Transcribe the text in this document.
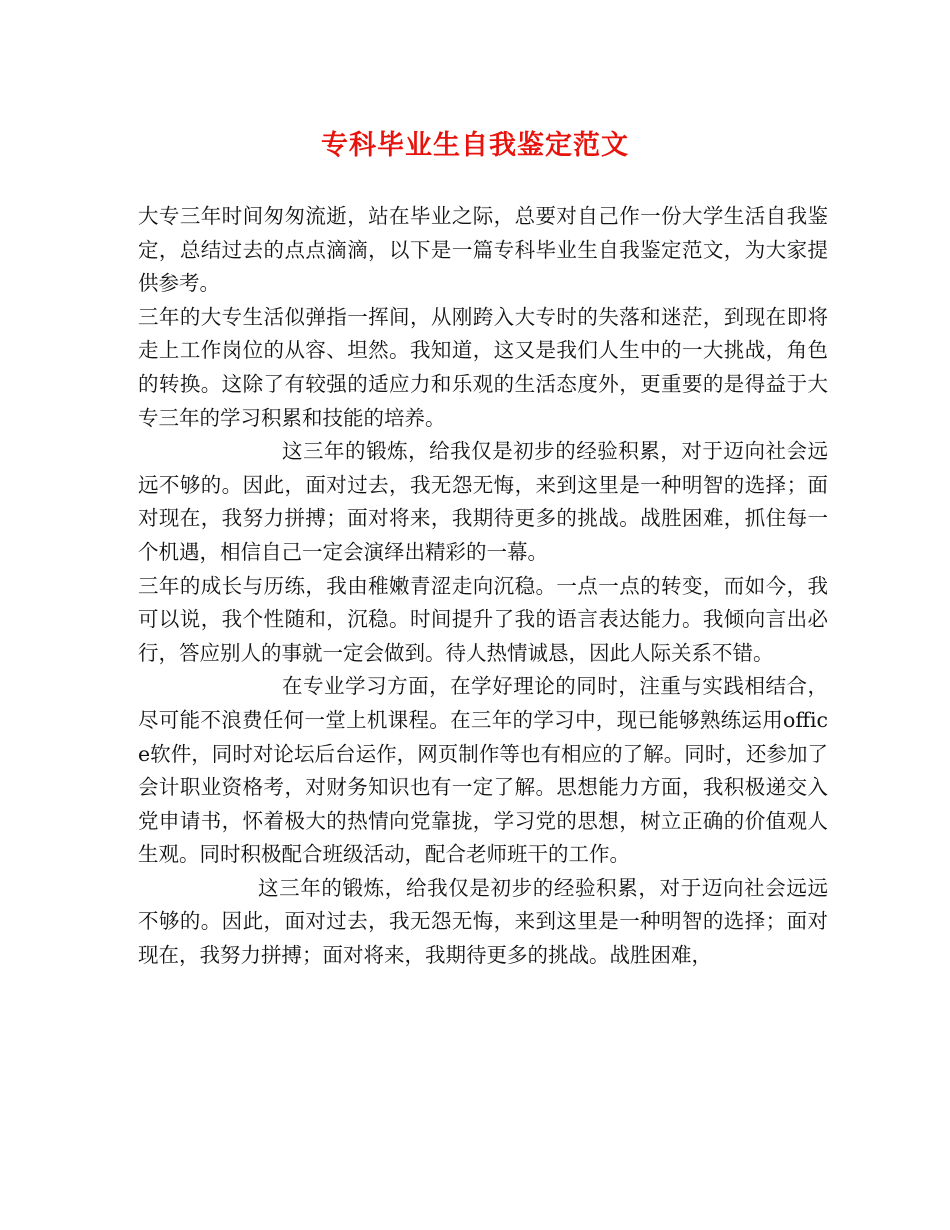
专科毕业生自我鉴定范文

大专三年时间匆匆流逝，站在毕业之际，总要对自己作一份大学生活自我鉴定，总结过去的点点滴滴，以下是一篇专科毕业生自我鉴定范文，为大家提供参考。

三年的大专生活似弹指一挥间，从刚跨入大专时的失落和迷茫，到现在即将走上工作岗位的从容、坦然。我知道，这又是我们人生中的一大挑战，角色的转换。这除了有较强的适应力和乐观的生活态度外，更重要的是得益于大专三年的学习积累和技能的培养。

这三年的锻炼，给我仅是初步的经验积累，对于迈向社会远远不够的。因此，面对过去，我无怨无悔，来到这里是一种明智的选择；面对现在，我努力拼搏；面对将来，我期待更多的挑战。战胜困难，抓住每一个机遇，相信自己一定会演绎出精彩的一幕。

三年的成长与历练，我由稚嫩青涩走向沉稳。一点一点的转变，而如今，我可以说，我个性随和，沉稳。时间提升了我的语言表达能力。我倾向言出必行，答应别人的事就一定会做到。待人热情诚恳，因此人际关系不错。

在专业学习方面，在学好理论的同时，注重与实践相结合，尽可能不浪费任何一堂上机课程。在三年的学习中，现已能够熟练运用office软件，同时对论坛后台运作，网页制作等也有相应的了解。同时，还参加了会计职业资格考，对财务知识也有一定了解。思想能力方面，我积极递交入党申请书，怀着极大的热情向党靠拢，学习党的思想，树立正确的价值观人生观。同时积极配合班级活动，配合老师班干的工作。

这三年的锻炼，给我仅是初步的经验积累，对于迈向社会远远不够的。因此，面对过去，我无怨无悔，来到这里是一种明智的选择；面对现在，我努力拼搏；面对将来，我期待更多的挑战。战胜困难，
